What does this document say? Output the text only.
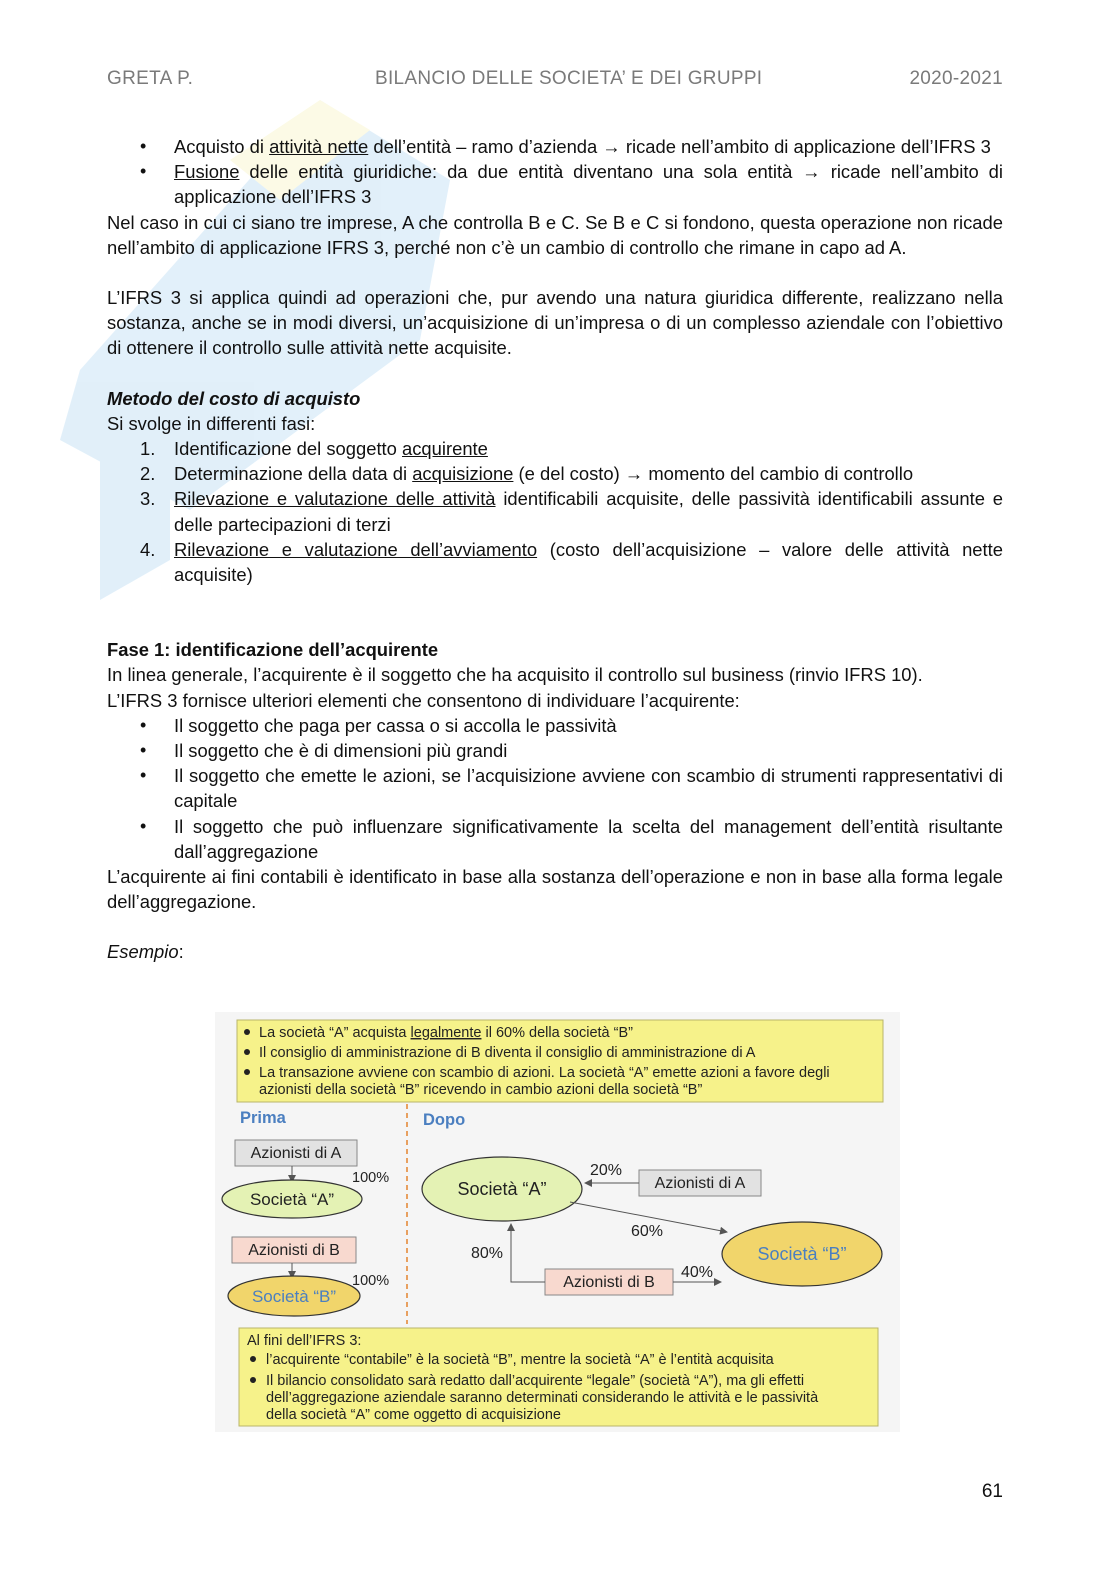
GRETA P.	BILANCIO DELLE SOCIETA’ E DEI GRUPPI	2020-2021
• Acquisto di attività nette dell’entità – ramo d’azienda → ricade nell’ambito di applicazione dell’IFRS 3
• Fusione delle entità giuridiche: da due entità diventano una sola entità → ricade nell’ambito di applicazione dell’IFRS 3

Nel caso in cui ci siano tre imprese, A che controlla B e C. Se B e C si fondono, questa operazione non ricade nell’ambito di applicazione IFRS 3, perché non c’è un cambio di controllo che rimane in capo ad A.

L’IFRS 3 si applica quindi ad operazioni che, pur avendo una natura giuridica differente, realizzano nella sostanza, anche se in modi diversi, un’acquisizione di un’impresa o di un complesso aziendale con l’obiettivo di ottenere il controllo sulle attività nette acquisite.

Metodo del costo di acquisto

Si svolge in differenti fasi:

1. Identificazione del soggetto acquirente
2. Determinazione della data di acquisizione (e del costo) → momento del cambio di controllo
3. Rilevazione e valutazione delle attività identificabili acquisite, delle passività identificabili assunte e delle partecipazioni di terzi
4. Rilevazione e valutazione dell’avviamento (costo dell’acquisizione – valore delle attività nette acquisite)

Fase 1: identificazione dell’acquirente

In linea generale, l’acquirente è il soggetto che ha acquisito il controllo sul business (rinvio IFRS 10).

L’IFRS 3 fornisce ulteriori elementi che consentono di individuare l’acquirente:

• Il soggetto che paga per cassa o si accolla le passività
• Il soggetto che è di dimensioni più grandi
• Il soggetto che emette le azioni, se l’acquisizione avviene con scambio di strumenti rappresentativi di capitale
• Il soggetto che può influenzare significativamente la scelta del management dell’entità risultante dall’aggregazione

L’acquirente ai fini contabili è identificato in base alla sostanza dell’operazione e non in base alla forma legale dell’aggregazione.

Esempio:

La società “A” acquista legalmente il 60% della società “B”
Il consiglio di amministrazione di B diventa il consiglio di amministrazione di A
La transazione avviene con scambio di azioni. La società “A” emette azioni a favore degli
azionisti della società “B” ricevendo in cambio azioni della società “B”
Prima	Dopo
Azionisti di A
100%
Società “A”
Azionisti di B
100%
Società “B”
Società “A”	Azionisti di A
20%
60%
Società “B”
Azionisti di B
80%
40%
Al fini dell’IFRS 3:
l’acquirente “contabile” è la società “B”, mentre la società “A” è l’entità acquisita
Il bilancio consolidato sarà redatto dall’acquirente “legale” (società “A”), ma gli effetti
dell’aggregazione aziendale saranno determinati considerando le attività e le passività
della società “A” come oggetto di acquisizione
61
